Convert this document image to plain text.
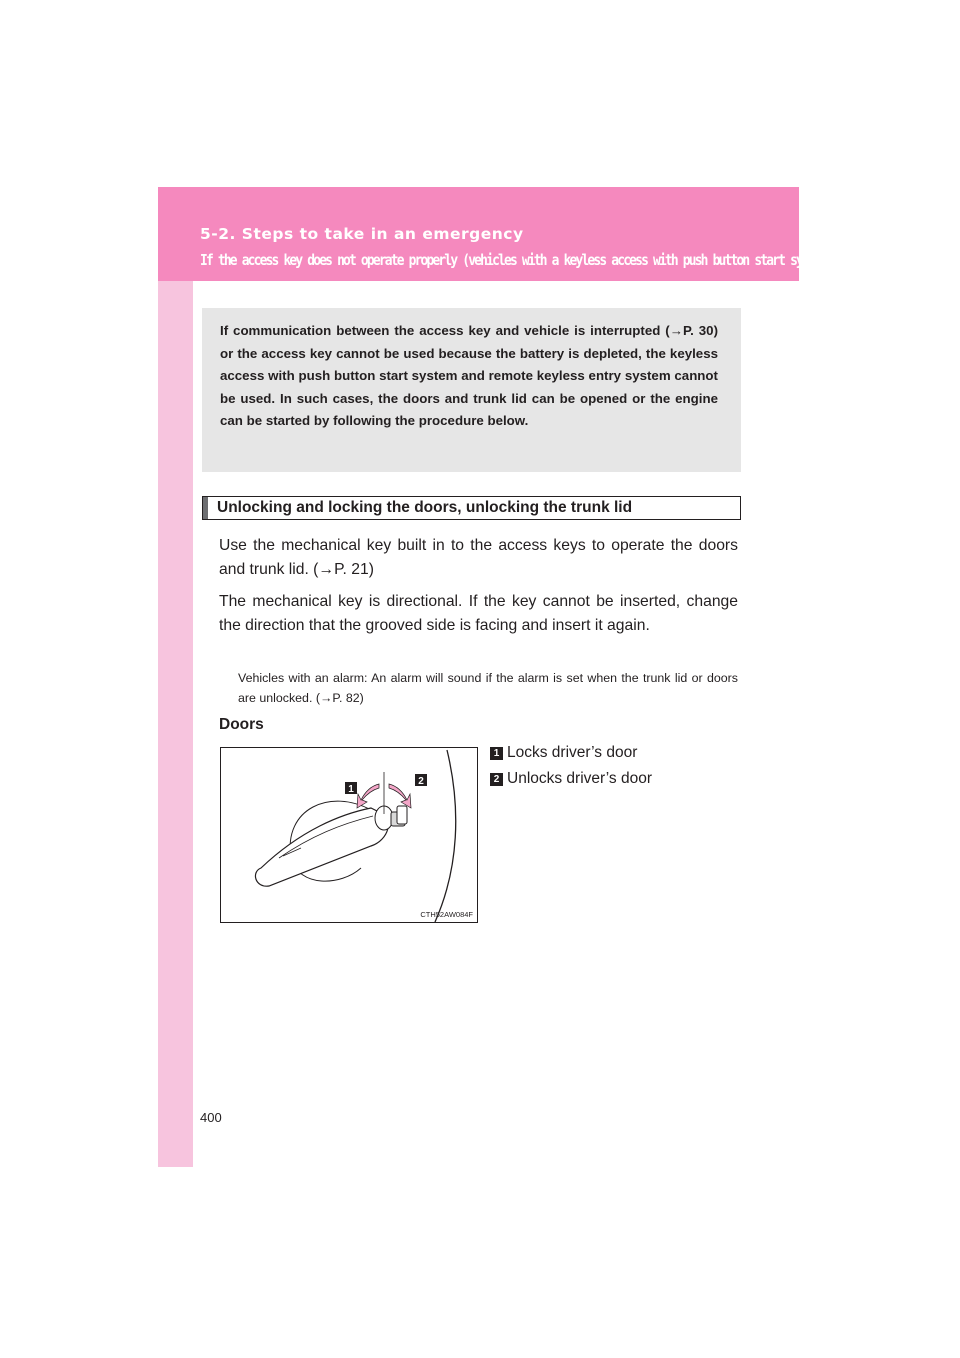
5-2. Steps to take in an emergency
If the access key does not operate properly (vehicles with a keyless access with push button start system)
If communication between the access key and vehicle is interrupted (→P. 30) or the access key cannot be used because the battery is depleted, the keyless access with push button start system and remote keyless entry system cannot be used. In such cases, the doors and trunk lid can be opened or the engine can be started by following the procedure below.
Unlocking and locking the doors, unlocking the trunk lid
Use the mechanical key built in to the access keys to operate the doors and trunk lid. (→P. 21)
The mechanical key is directional. If the key cannot be inserted, change the direction that the grooved side is facing and insert it again.
Vehicles with an alarm: An alarm will sound if the alarm is set when the trunk lid or doors are unlocked. (→P. 82)
Doors
1
2
CTH52AW084F
1 Locks driver’s door
2 Unlocks driver’s door
400
